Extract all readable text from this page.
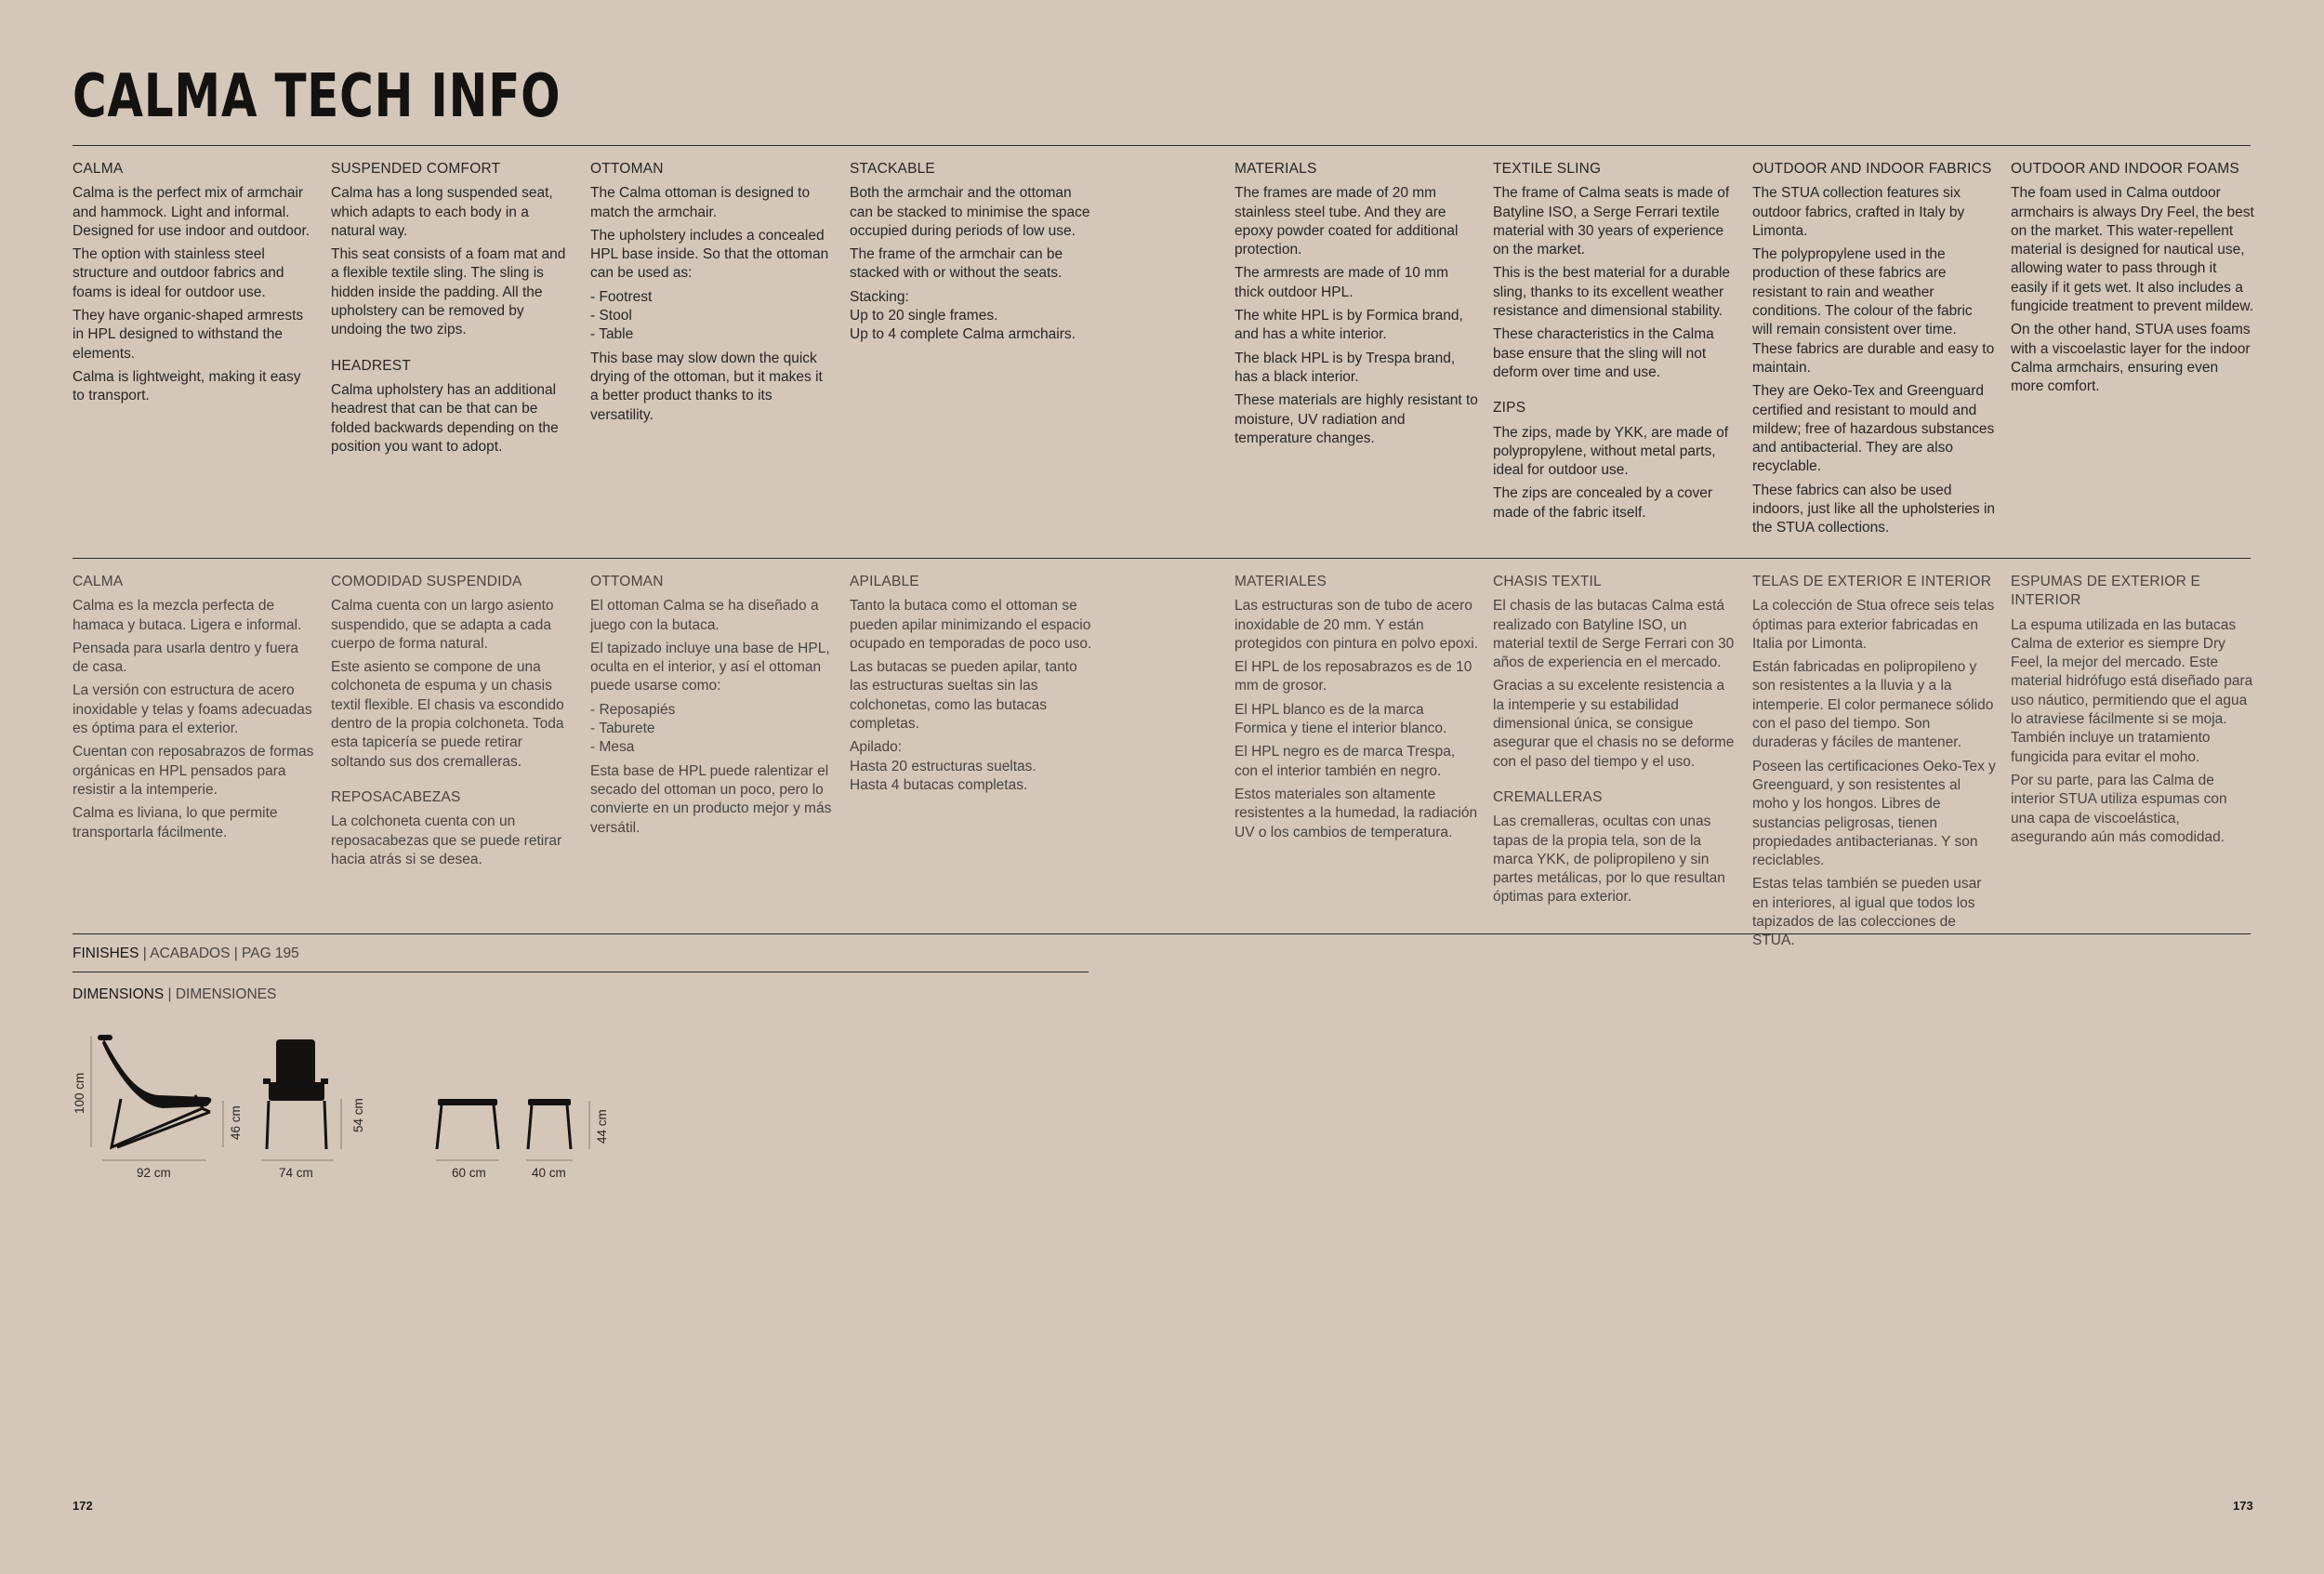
CALMA TECH INFO
CALMA

Calma is the perfect mix of armchair and hammock. Light and informal. Designed for use indoor and outdoor.

The option with stainless steel structure and outdoor fabrics and foams is ideal for outdoor use.

They have organic-shaped armrests in HPL designed to withstand the elements.

Calma is lightweight, making it easy to transport.

SUSPENDED COMFORT

Calma has a long suspended seat, which adapts to each body in a natural way.

This seat consists of a foam mat and a flexible textile sling. The sling is hidden inside the padding. All the upholstery can be removed by undoing the two zips.

HEADREST

Calma upholstery has an additional headrest that can be that can be folded backwards depending on the position you want to adopt.

OTTOMAN

The Calma ottoman is designed to match the armchair.

The upholstery includes a concealed HPL base inside. So that the ottoman can be used as:

- Footrest
- Stool
- Table

This base may slow down the quick drying of the ottoman, but it makes it a better product thanks to its versatility.

STACKABLE

Both the armchair and the ottoman can be stacked to minimise the space occupied during periods of low use.

The frame of the armchair can be stacked with or without the seats.

Stacking:
Up to 20 single frames.
Up to 4 complete Calma armchairs.

MATERIALS

The frames are made of 20 mm stainless steel tube. And they are epoxy powder coated for additional protection.

The armrests are made of 10 mm thick outdoor HPL.

The white HPL is by Formica brand, and has a white interior.

The black HPL is by Trespa brand, has a black interior.

These materials are highly resistant to moisture, UV radiation and temperature changes.

TEXTILE SLING

The frame of Calma seats is made of Batyline ISO, a Serge Ferrari textile material with 30 years of experience on the market.

This is the best material for a durable sling, thanks to its excellent weather resistance and dimensional stability.

These characteristics in the Calma base ensure that the sling will not deform over time and use.

ZIPS

The zips, made by YKK, are made of polypropylene, without metal parts, ideal for outdoor use.

The zips are concealed by a cover made of the fabric itself.

OUTDOOR AND INDOOR FABRICS

The STUA collection features six outdoor fabrics, crafted in Italy by Limonta.

The polypropylene used in the production of these fabrics are resistant to rain and weather conditions. The colour of the fabric will remain consistent over time. These fabrics are durable and easy to maintain.

They are Oeko-Tex and Greenguard certified and resistant to mould and mildew; free of hazardous substances and antibacterial. They are also recyclable.

These fabrics can also be used indoors, just like all the upholsteries in the STUA collections.

OUTDOOR AND INDOOR FOAMS

The foam used in Calma outdoor armchairs is always Dry Feel, the best on the market. This water-repellent material is designed for nautical use, allowing water to pass through it easily if it gets wet. It also includes a fungicide treatment to prevent mildew.

On the other hand, STUA uses foams with a viscoelastic layer for the indoor Calma armchairs, ensuring even more comfort.

CALMA

Calma es la mezcla perfecta de hamaca y butaca. Ligera e informal.

Pensada para usarla dentro y fuera de casa.

La versión con estructura de acero inoxidable y telas y foams adecuadas es óptima para el exterior.

Cuentan con reposabrazos de formas orgánicas en HPL pensados para resistir a la intemperie.

Calma es liviana, lo que permite transportarla fácilmente.

COMODIDAD SUSPENDIDA

Calma cuenta con un largo asiento suspendido, que se adapta a cada cuerpo de forma natural.

Este asiento se compone de una colchoneta de espuma y un chasis textil flexible. El chasis va escondido dentro de la propia colchoneta. Toda esta tapicería se puede retirar soltando sus dos cremalleras.

REPOSACABEZAS

La colchoneta cuenta con un reposacabezas que se puede retirar hacia atrás si se desea.

OTTOMAN

El ottoman Calma se ha diseñado a juego con la butaca.

El tapizado incluye una base de HPL, oculta en el interior, y así el ottoman puede usarse como:

- Reposapiés
- Taburete
- Mesa

Esta base de HPL puede ralentizar el secado del ottoman un poco, pero lo convierte en un producto mejor y más versátil.

APILABLE

Tanto la butaca como el ottoman se pueden apilar minimizando el espacio ocupado en temporadas de poco uso.

Las butacas se pueden apilar, tanto las estructuras sueltas sin las colchonetas, como las butacas completas.

Apilado:
Hasta 20 estructuras sueltas.
Hasta 4 butacas completas.

MATERIALES

Las estructuras son de tubo de acero inoxidable de 20 mm. Y están protegidos con pintura en polvo epoxi.

El HPL de los reposabrazos es de 10 mm de grosor.

El HPL blanco es de la marca Formica y tiene el interior blanco.

El HPL negro es de marca Trespa, con el interior también en negro.

Estos materiales son altamente resistentes a la humedad, la radiación UV o los cambios de temperatura.

CHASIS TEXTIL

El chasis de las butacas Calma está realizado con Batyline ISO, un material textil de Serge Ferrari con 30 años de experiencia en el mercado.

Gracias a su excelente resistencia a la intemperie y su estabilidad dimensional única, se consigue asegurar que el chasis no se deforme con el paso del tiempo y el uso.

CREMALLERAS

Las cremalleras, ocultas con unas tapas de la propia tela, son de la marca YKK, de polipropileno y sin partes metálicas, por lo que resultan óptimas para exterior.

TELAS DE EXTERIOR E INTERIOR

La colección de Stua ofrece seis telas óptimas para exterior fabricadas en Italia por Limonta.

Están fabricadas en polipropileno y son resistentes a la lluvia y a la intemperie. El color permanece sólido con el paso del tiempo. Son duraderas y fáciles de mantener.

Poseen las certificaciones Oeko-Tex y Greenguard, y son resistentes al moho y los hongos. Libres de sustancias peligrosas, tienen propiedades antibacterianas. Y son reciclables.

Estas telas también se pueden usar en interiores, al igual que todos los tapizados de las colecciones de STUA.

ESPUMAS DE EXTERIOR E INTERIOR

La espuma utilizada en las butacas Calma de exterior es siempre Dry Feel, la mejor del mercado. Este material hidrófugo está diseñado para uso náutico, permitiendo que el agua lo atraviese fácilmente si se moja. También incluye un tratamiento fungicida para evitar el moho.

Por su parte, para las Calma de interior STUA utiliza espumas con una capa de viscoelástica, asegurando aún más comodidad.

FINISHES | ACABADOS | PAG 195
DIMENSIONS | DIMENSIONES
100 cm
46 cm
92 cm
54 cm
74 cm	60 cm
44 cm
40 cm
172	173
